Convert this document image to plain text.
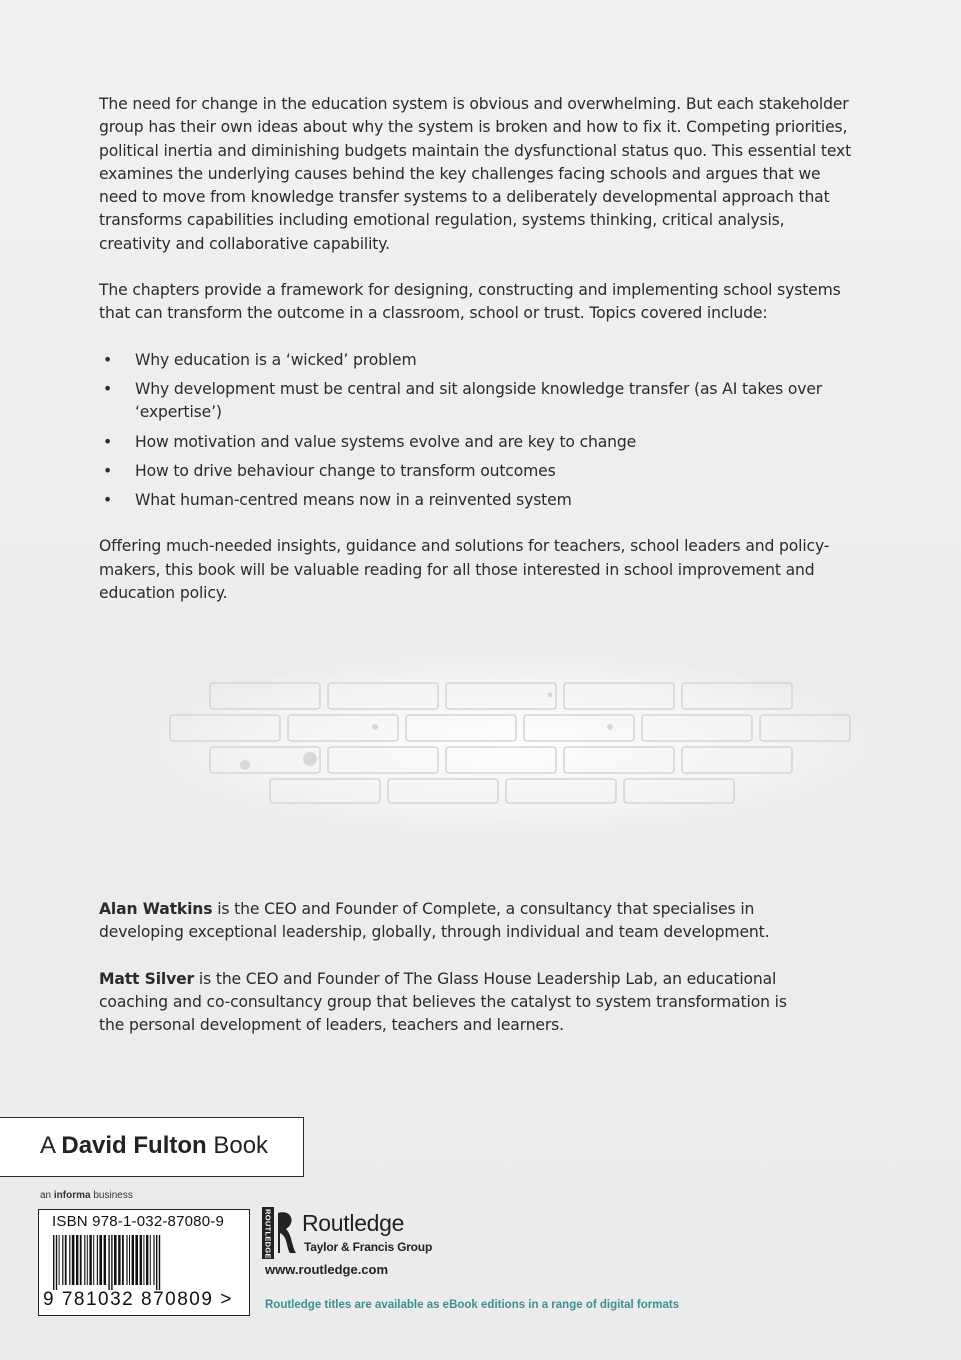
The need for change in the education system is obvious and overwhelming. But each stakeholder group has their own ideas about why the system is broken and how to fix it. Competing priorities, political inertia and diminishing budgets maintain the dysfunctional status quo. This essential text examines the underlying causes behind the key challenges facing schools and argues that we need to move from knowledge transfer systems to a deliberately developmental approach that transforms capabilities including emotional regulation, systems thinking, critical analysis, creativity and collaborative capability.

The chapters provide a framework for designing, constructing and implementing school systems that can transform the outcome in a classroom, school or trust. Topics covered include:

• Why education is a ‘wicked’ problem
• Why development must be central and sit alongside knowledge transfer (as AI takes over ‘expertise’)
• How motivation and value systems evolve and are key to change
• How to drive behaviour change to transform outcomes
• What human-centred means now in a reinvented system

Offering much-needed insights, guidance and solutions for teachers, school leaders and policy-makers, this book will be valuable reading for all those interested in school improvement and education policy.

Alan Watkins is the CEO and Founder of Complete, a consultancy that specialises in developing exceptional leadership, globally, through individual and team development.

Matt Silver is the CEO and Founder of The Glass House Leadership Lab, an educational coaching and co-consultancy group that believes the catalyst to system transformation is the personal development of leaders, teachers and learners.

A David Fulton Book
an informa business
ISBN 978-1-032-87080-9
9 781032 870809 >
ROUTLEDGE Routledge
Taylor & Francis Group
www.routledge.com
Routledge titles are available as eBook editions in a range of digital formats
